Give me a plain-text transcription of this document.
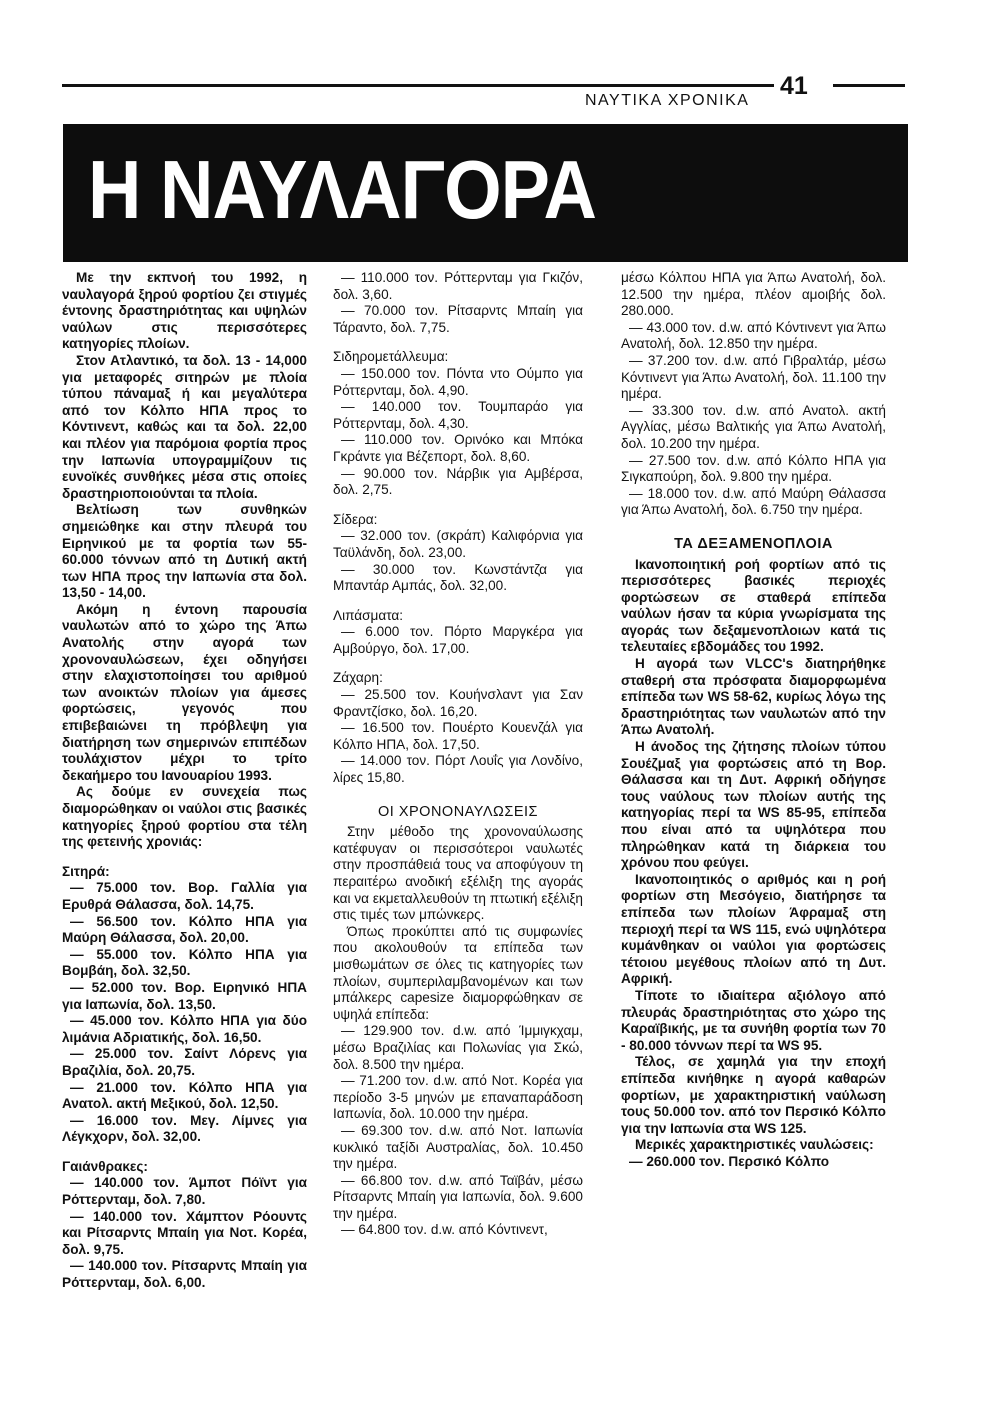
ΝΑΥΤΙΚΑ ΧΡΟΝΙΚΑ
41
Η ΝΑΥΛΑΓΟΡΑ

Με την εκπνοή του 1992, η ναυλαγορά ξηρού φορτίου ζει στιγμές έντονης δραστηριότητας και υψηλών ναύλων στις περισσότερες κατηγορίες πλοίων.

Στον Ατλαντικό, τα δολ. 13 - 14,000 για μεταφορές σιτηρών με πλοία τύπου πάναμαξ ή και μεγαλύτερα από τον Κόλπο ΗΠΑ προς το Κόντινεντ, καθώς και τα δολ. 22,00 και πλέον για παρόμοια φορτία προς την Ιαπωνία υπογραμμίζουν τις ευνοϊκές συνθήκες μέσα στις οποίες δραστηριοποιούνται τα πλοία.

Βελτίωση των συνθηκών σημειώθηκε και στην πλευρά του Ειρηνικού με τα φορτία των 55- 60.000 τόννων από τη Δυτική ακτή των ΗΠΑ προς την Ιαπωνία στα δολ. 13,50 - 14,00.

Ακόμη η έντονη παρουσία ναυλωτών από το χώρο της Άπω Ανατολής στην αγορά των χρονοναυλώσεων, έχει οδηγήσει στην ελαχιστοποίησει του αριθμού των ανοικτών πλοίων για άμεσες φορτώσεις, γεγονός που επιβεβαιώνει τη πρόβλεψη για διατήρηση των σημερινών επιπέδων τουλάχιστον μέχρι το τρίτο δεκαήμερο του Ιανουαρίου 1993.

Ας δούμε εν συνεχεία πως διαμορώθηκαν οι ναύλοι στις βασικές κατηγορίες ξηρού φορτίου στα τέλη της φετεινής χρονιάς:

Σιτηρά:

— 75.000 τον. Βορ. Γαλλία για Ερυθρά Θάλασσα, δολ. 14,75.

— 56.500 τον. Κόλπο ΗΠΑ για Μαύρη Θάλασσα, δολ. 20,00.

— 55.000 τον. Κόλπο ΗΠΑ για Βομβάη, δολ. 32,50.

— 52.000 τον. Βορ. Ειρηνικό ΗΠΑ για Ιαπωνία, δολ. 13,50.

— 45.000 τον. Κόλπο ΗΠΑ για δύο λιμάνια Αδριατικής, δολ. 16,50.

— 25.000 τον. Σαίντ Λόρενς για Βραζιλία, δολ. 20,75.

— 21.000 τον. Κόλπο ΗΠΑ για Ανατολ. ακτή Μεξικού, δολ. 12,50.

— 16.000 τον. Μεγ. Λίμνες για Λέγκχορν, δολ. 32,00.

Γαιάνθρακες:

— 140.000 τον. Άμποτ Πόϊντ για Ρόττερνταμ, δολ. 7,80.

— 140.000 τον. Χάμπτον Ρόουντς και Ρίτσαρντς Μπαίη για Νοτ. Κορέα, δολ. 9,75.

— 140.000 τον. Ρίτσαρντς Μπαίη για Ρόττερνταμ, δολ. 6,00.

— 110.000 τον. Ρόττερνταμ για Γκιζόν, δολ. 3,60.

— 70.000 τον. Ρίτσαρντς Μπαίη για Τάραντο, δολ. 7,75.

Σιδηρομετάλλευμα:

— 150.000 τον. Πόντα ντο Ούμπο για Ρόττερνταμ, δολ. 4,90.

— 140.000 τον. Τουμπαράο για Ρόττερνταμ, δολ. 4,30.

— 110.000 τον. Ορινόκο και Μπόκα Γκράντε για Βέζεπορτ, δολ. 8,60.

— 90.000 τον. Νάρβικ για Αμβέρσα, δολ. 2,75.

Σίδερα:

— 32.000 τον. (σκράπ) Καλιφόρνια για Ταϋλάνδη, δολ. 23,00.

— 30.000 τον. Κωνστάντζα για Μπαντάρ Αμπάς, δολ. 32,00.

Λιπάσματα:

— 6.000 τον. Πόρτο Μαργκέρα για Αμβούργο, δολ. 17,00.

Ζάχαρη:

— 25.500 τον. Κουήνσλαντ για Σαν Φραντζίσκο, δολ. 16,20.

— 16.500 τον. Πουέρτο Κουενζάλ για Κόλπο ΗΠΑ, δολ. 17,50.

— 14.000 τον. Πόρτ Λουΐς για Λονδίνο, λίρες 15,80.

ΟΙ ΧΡΟΝΟΝΑΥΛΩΣΕΙΣ

Στην μέθοδο της χρονοναύλωσης κατέφυγαν οι περισσότεροι ναυλωτές στην προσπάθειά τους να αποφύγουν τη περαιτέρω ανοδική εξέλιξη της αγοράς και να εκμεταλλευθούν τη πτωτική εξέλιξη στις τιμές των μπώνκερς.

Όπως προκύπτει από τις συμφωνίες που ακολουθούν τα επίπεδα των μισθωμάτων σε όλες τις κατηγορίες των πλοίων, συμπεριλαμβανομένων και των μπάλκερς capesize διαμορφώθηκαν σε υψηλά επίπεδα:

— 129.900 τον. d.w. από Ίμμιγκχαμ, μέσω Βραζιλίας και Πολωνίας για Σκώ, δολ. 8.500 την ημέρα.

— 71.200 τον. d.w. από Νοτ. Κορέα για περίοδο 3-5 μηνών με επαναπαράδοση Ιαπωνία, δολ. 10.000 την ημέρα.

— 69.300 τον. d.w. από Νοτ. Ιαπωνία κυκλικό ταξίδι Αυστραλίας, δολ. 10.450 την ημέρα.

— 66.800 τον. d.w. από Ταϊβάν, μέσω Ρίτσαρντς Μπαίη για Ιαπωνία, δολ. 9.600 την ημέρα.

— 64.800 τον. d.w. από Κόντινεντ,

μέσω Κόλπου ΗΠΑ για Άπω Ανατολή, δολ. 12.500 την ημέρα, πλέον αμοιβής δολ. 280.000.

— 43.000 τον. d.w. από Κόντινεντ για Άπω Ανατολή, δολ. 12.850 την ημέρα.

— 37.200 τον. d.w. από Γιβραλτάρ, μέσω Κόντινεντ για Άπω Ανατολή, δολ. 11.100 την ημέρα.

— 33.300 τον. d.w. από Ανατολ. ακτή Αγγλίας, μέσω Βαλτικής για Άπω Ανατολή, δολ. 10.200 την ημέρα.

— 27.500 τον. d.w. από Κόλπο ΗΠΑ για Σιγκαπούρη, δολ. 9.800 την ημέρα.

— 18.000 τον. d.w. από Μαύρη Θάλασσα για Άπω Ανατολή, δολ. 6.750 την ημέρα.

ΤΑ ΔΕΞΑΜΕΝΟΠΛΟΙΑ

Ικανοποιητική ροή φορτίων από τις περισσότερες βασικές περιοχές φορτώσεων σε σταθερά επίπεδα ναύλων ήσαν τα κύρια γνωρίσματα της αγοράς των δεξαμενοπλοιων κατά τις τελευταίες εβδομάδες του 1992.

Η αγορά των VLCC's διατηρήθηκε σταθερή στα πρόσφατα διαμορφωμένα επίπεδα των WS 58-62, κυρίως λόγω της δραστηριότητας των ναυλωτών από την Άπω Ανατολή.

Η άνοδος της ζήτησης πλοίων τύπου Σουέζμαξ για φορτώσεις από τη Βορ. Θάλασσα και τη Δυτ. Αφρική οδήγησε τους ναύλους των πλοίων αυτής της κατηγορίας περί τα WS 85-95, επίπεδα που είναι από τα υψηλότερα που πληρώθηκαν κατά τη διάρκεια του χρόνου που φεύγει.

Ικανοποιητικός ο αριθμός και η ροή φορτίων στη Μεσόγειο, διατήρησε τα επίπεδα των πλοίων Άφραμαξ στη περιοχή περί τα WS 115, ενώ υψηλότερα κυμάνθηκαν οι ναύλοι για φορτώσεις τέτοιου μεγέθους πλοίων από τη Δυτ. Αφρική.

Τίποτε το ιδιαίτερα αξιόλογο από πλευράς δραστηριότητας στο χώρο της Καραϊβικής, με τα συνήθη φορτία των 70 - 80.000 τόννων περί τα WS 95.

Τέλος, σε χαμηλά για την εποχή επίπεδα κινήθηκε η αγορά καθαρών φορτίων, με χαρακτηριστική ναύλωση τους 50.000 τον. από τον Περσικό Κόλπο για την Ιαπωνία στα WS 125.

Μερικές χαρακτηριστικές ναυλώσεις:

— 260.000 τον. Περσικό Κόλπο
